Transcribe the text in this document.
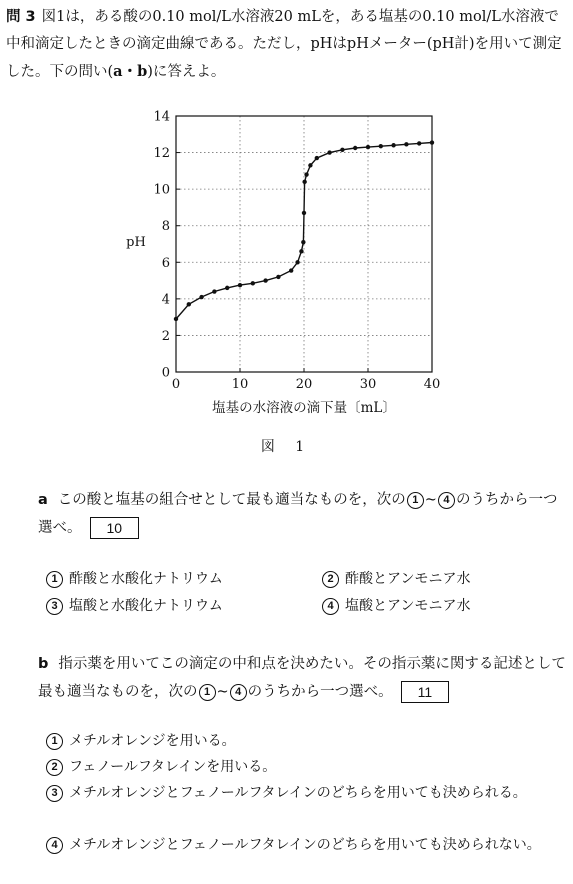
問 3 図1は，ある酸の0.10 mol/L水溶液20 mLを，ある塩基の0.10 mol/L水溶液で中和滴定したときの滴定曲線である。ただし，pHはpHメーター(pH計)を用いて測定した。下の問い(a・b)に答えよ。
0	10	20	30	40
0
2
4
6
8
10
12
14
pH
塩基の水溶液の滴下量〔mL〕
図 1
a この酸と塩基の組合せとして最も適当なものを，次の 1 ~ 4 のうちから一つ選べ。 10
1 酢酸と水酸化ナトリウム	2 酢酸とアンモニア水
3 塩酸と水酸化ナトリウム	4 塩酸とアンモニア水
b 指示薬を用いてこの滴定の中和点を決めたい。その指示薬に関する記述として最も適当なものを，次の 1 ~ 4 のうちから一つ選べ。 11
1 メチルオレンジを用いる。
2 フェノールフタレインを用いる。
3 メチルオレンジとフェノールフタレインのどちらを用いても決められる。
4 メチルオレンジとフェノールフタレインのどちらを用いても決められない。
